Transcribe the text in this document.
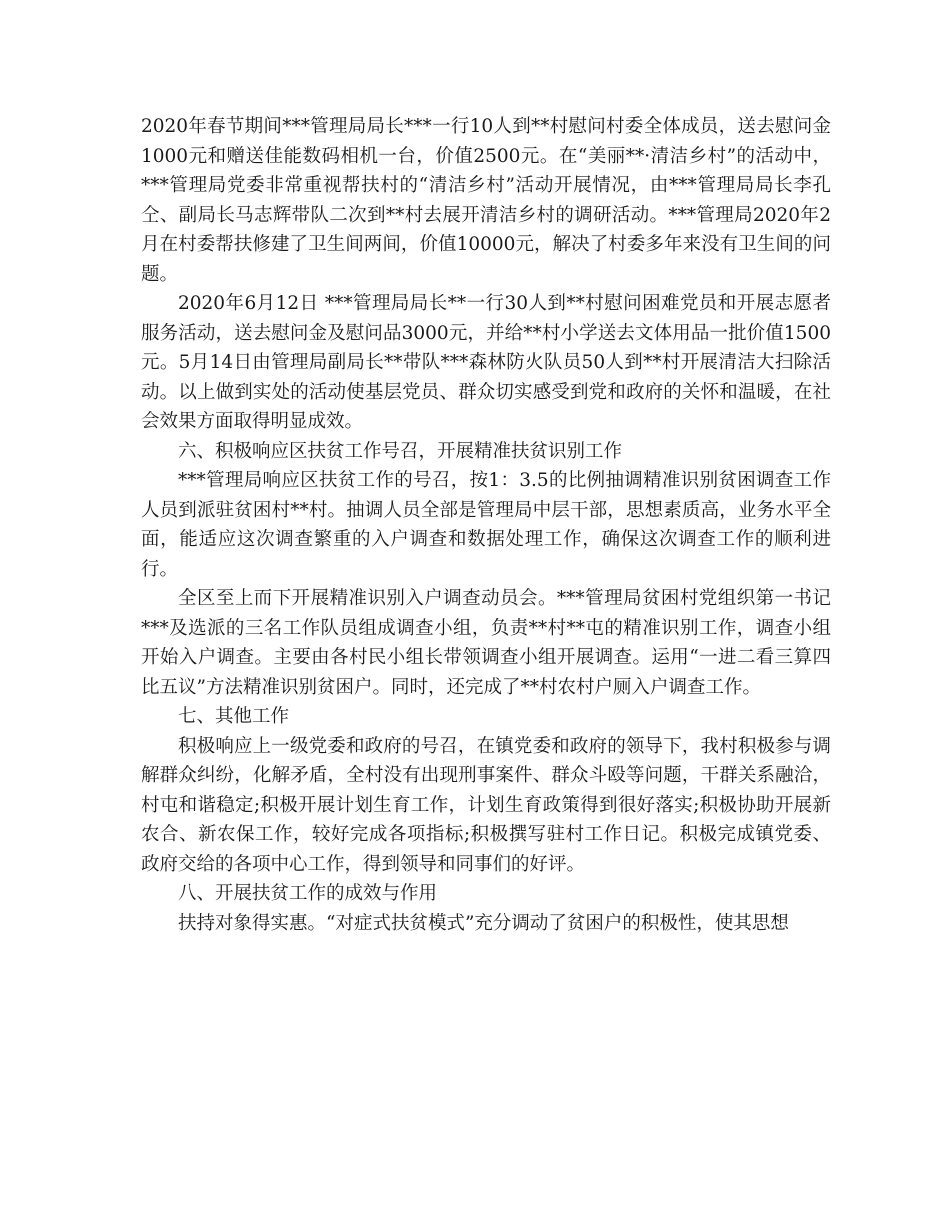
2020年春节期间***管理局局长***一行10人到**村慰问村委全体成员，送去慰问金1000元和赠送佳能数码相机一台，价值2500元。在“美丽**·清洁乡村”的活动中，***管理局党委非常重视帮扶村的“清洁乡村”活动开展情况，由***管理局局长李孔仝、副局长马志辉带队二次到**村去展开清洁乡村的调研活动。***管理局2020年2月在村委帮扶修建了卫生间两间，价值10000元，解决了村委多年来没有卫生间的问题。

2020年6月12日 ***管理局局长**一行30人到**村慰问困难党员和开展志愿者服务活动，送去慰问金及慰问品3000元，并给**村小学送去文体用品一批价值1500元。5月14日由管理局副局长**带队***森林防火队员50人到**村开展清洁大扫除活动。以上做到实处的活动使基层党员、群众切实感受到党和政府的关怀和温暖，在社会效果方面取得明显成效。

六、积极响应区扶贫工作号召，开展精准扶贫识别工作

***管理局响应区扶贫工作的号召，按1：3.5的比例抽调精准识别贫困调查工作人员到派驻贫困村**村。抽调人员全部是管理局中层干部，思想素质高，业务水平全面，能适应这次调查繁重的入户调查和数据处理工作，确保这次调查工作的顺利进行。

全区至上而下开展精准识别入户调查动员会。***管理局贫困村党组织第一书记***及选派的三名工作队员组成调查小组，负责**村**屯的精准识别工作，调查小组开始入户调查。主要由各村民小组长带领调查小组开展调查。运用“一进二看三算四比五议”方法精准识别贫困户。同时，还完成了**村农村户厕入户调查工作。

七、其他工作

积极响应上一级党委和政府的号召，在镇党委和政府的领导下，我村积极参与调解群众纠纷，化解矛盾，全村没有出现刑事案件、群众斗殴等问题，干群关系融洽，村屯和谐稳定;积极开展计划生育工作，计划生育政策得到很好落实;积极协助开展新农合、新农保工作，较好完成各项指标;积极撰写驻村工作日记。积极完成镇党委、政府交给的各项中心工作，得到领导和同事们的好评。

八、开展扶贫工作的成效与作用

扶持对象得实惠。“对症式扶贫模式”充分调动了贫困户的积极性，使其思想
